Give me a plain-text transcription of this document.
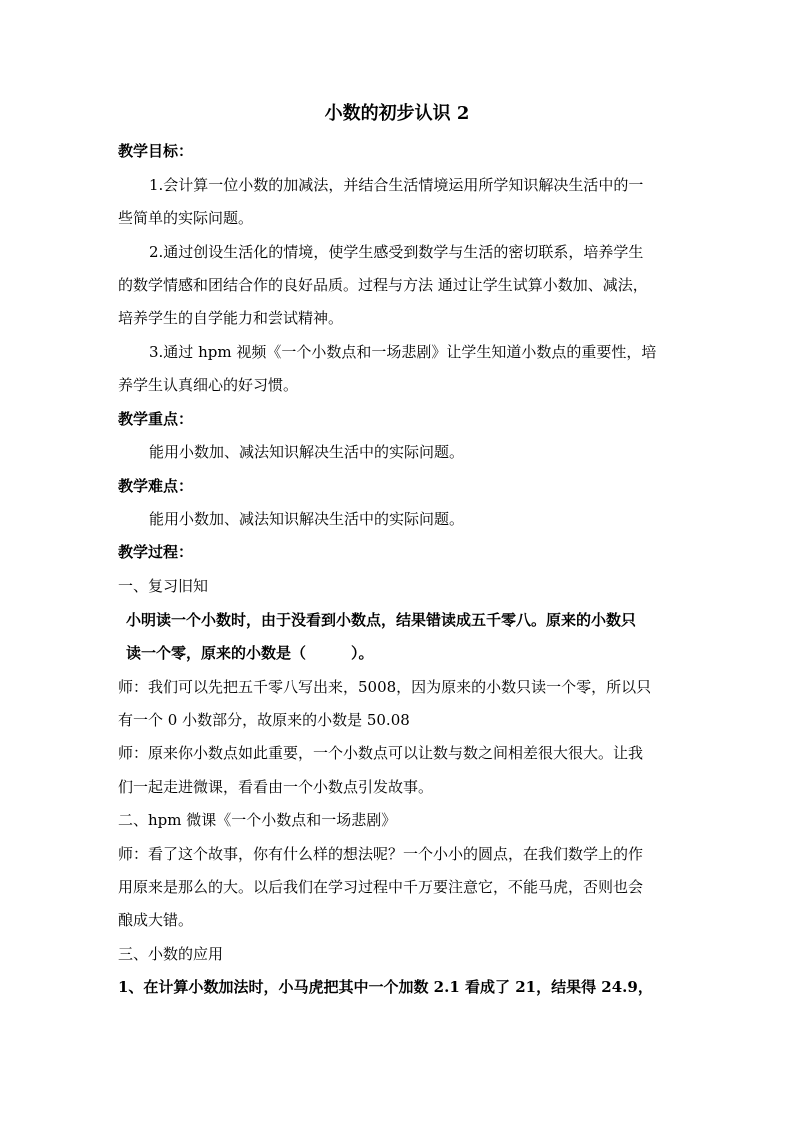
小数的初步认识 2
教学目标：
1.会计算一位小数的加减法，并结合生活情境运用所学知识解决生活中的一
些简单的实际问题。
2.通过创设生活化的情境，使学生感受到数学与生活的密切联系，培养学生
的数学情感和团结合作的良好品质。过程与方法 通过让学生试算小数加、减法，
培养学生的自学能力和尝试精神。
3.通过 hpm 视频《一个小数点和一场悲剧》让学生知道小数点的重要性，培
养学生认真细心的好习惯。
教学重点：
能用小数加、减法知识解决生活中的实际问题。
教学难点：
能用小数加、减法知识解决生活中的实际问题。
教学过程：
一、复习旧知
小明读一个小数时，由于没看到小数点，结果错读成五千零八。原来的小数只
读一个零，原来的小数是（　　　）。
师：我们可以先把五千零八写出来，5008，因为原来的小数只读一个零，所以只
有一个 0 小数部分，故原来的小数是 50.08
师：原来你小数点如此重要，一个小数点可以让数与数之间相差很大很大。让我
们一起走进微课，看看由一个小数点引发故事。
二、hpm 微课《一个小数点和一场悲剧》
师：看了这个故事，你有什么样的想法呢？一个小小的圆点，在我们数学上的作
用原来是那么的大。以后我们在学习过程中千万要注意它，不能马虎，否则也会
酿成大错。
三、小数的应用
1、在计算小数加法时，小马虎把其中一个加数 2.1 看成了 21，结果得 24.9，
